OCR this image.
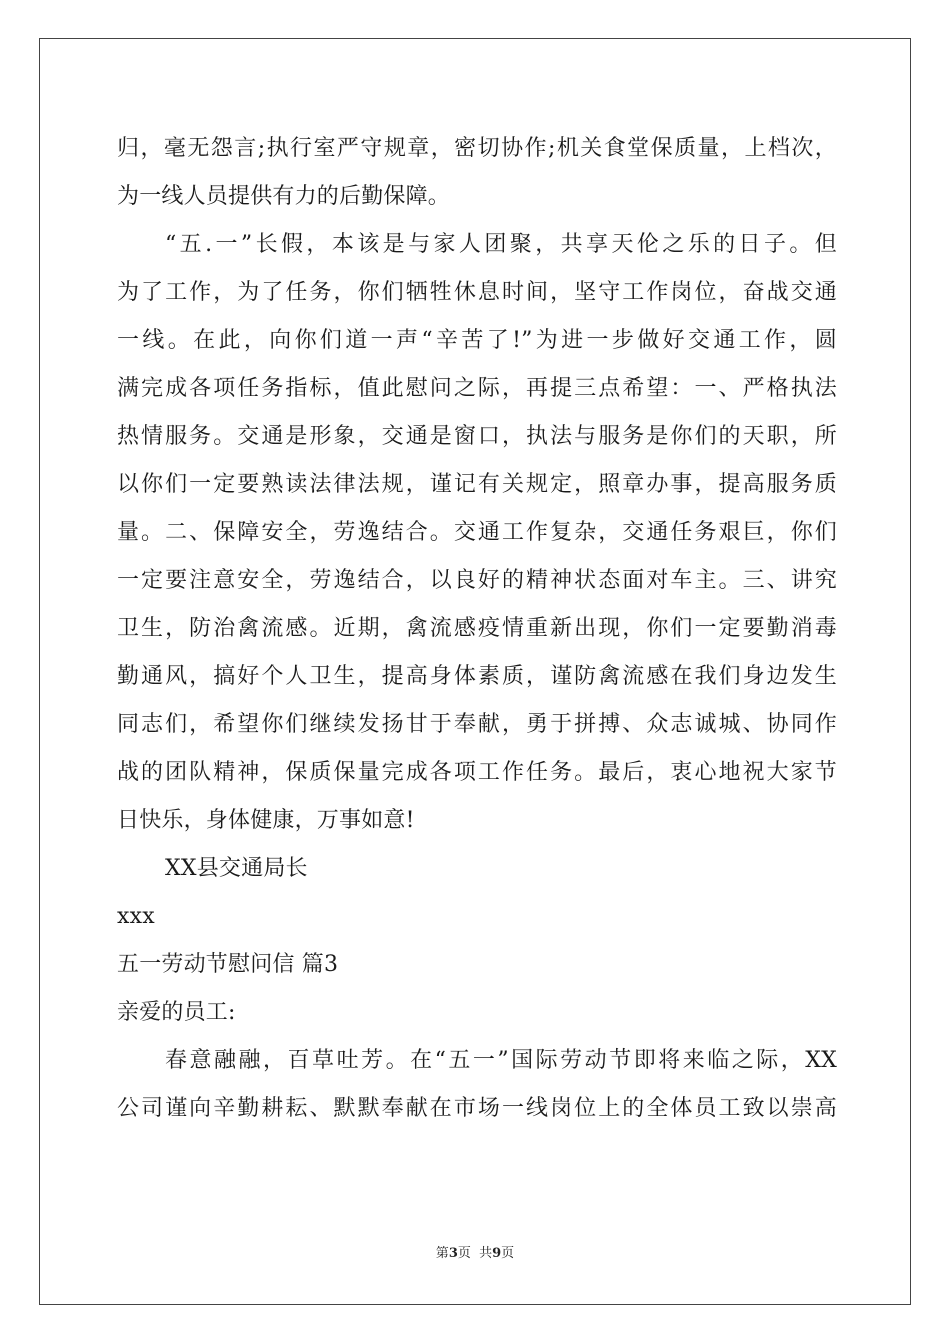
归，毫无怨言;执行室严守规章，密切协作;机关食堂保质量，上档次，
为一线人员提供有力的后勤保障。
“五.一”长假，本该是与家人团聚，共享天伦之乐的日子。但
为了工作，为了任务，你们牺牲休息时间，坚守工作岗位，奋战交通
一线。在此，向你们道一声“辛苦了!”为进一步做好交通工作，圆
满完成各项任务指标，值此慰问之际，再提三点希望：一、严格执法
热情服务。交通是形象，交通是窗口，执法与服务是你们的天职，所
以你们一定要熟读法律法规，谨记有关规定，照章办事，提高服务质
量。二、保障安全，劳逸结合。交通工作复杂，交通任务艰巨，你们
一定要注意安全，劳逸结合，以良好的精神状态面对车主。三、讲究
卫生，防治禽流感。近期，禽流感疫情重新出现，你们一定要勤消毒
勤通风，搞好个人卫生，提高身体素质，谨防禽流感在我们身边发生
同志们，希望你们继续发扬甘于奉献，勇于拼搏、众志诚城、协同作
战的团队精神，保质保量完成各项工作任务。最后，衷心地祝大家节
日快乐，身体健康，万事如意!
XX县交通局长
xxx
五一劳动节慰问信 篇3
亲爱的员工:
春意融融，百草吐芳。在“五一”国际劳动节即将来临之际，XX
公司谨向辛勤耕耘、默默奉献在市场一线岗位上的全体员工致以崇高
第3页  共9页
